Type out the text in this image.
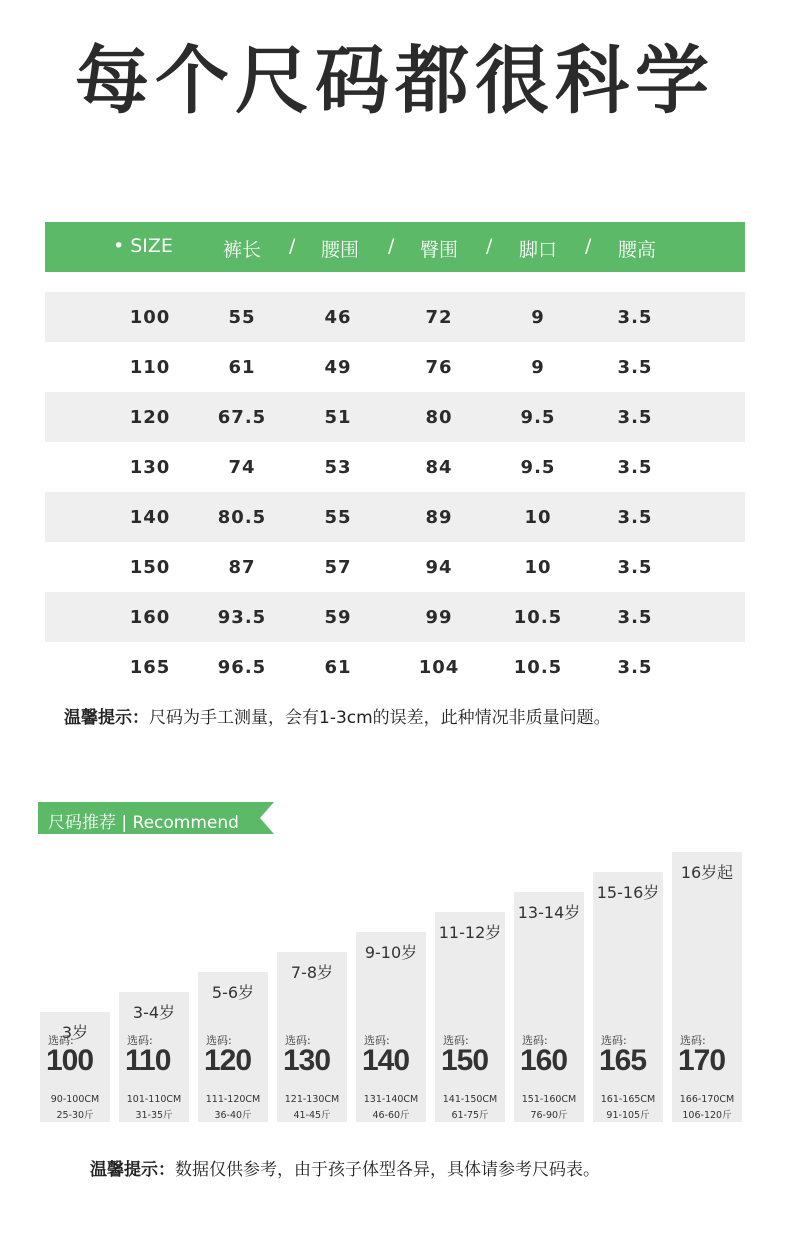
每个尺码都很科学
• SIZE	裤长 / 腰围 / 臀围 / 脚口 / 腰高
100	55	46	72	9	3.5
110	61	49	76	9	3.5
120	67.5	51	80	9.5	3.5
130	74	53	84	9.5	3.5
140	80.5	55	89	10	3.5
150	87	57	94	10	3.5
160	93.5	59	99	10.5	3.5
165	96.5	61	104	10.5	3.5
温馨提示：尺码为手工测量，会有1-3cm的误差，此种情况非质量问题。
尺码推荐 | Recommend
3岁
选码:
100
90-100CM
25-30斤
3-4岁
选码:
110
101-110CM
31-35斤
5-6岁
选码:
120
111-120CM
36-40斤
7-8岁
选码:
130
121-130CM
41-45斤
9-10岁
选码:
140
131-140CM
46-60斤
11-12岁
选码:
150
141-150CM
61-75斤
13-14岁
选码:
160
151-160CM
76-90斤
15-16岁
选码:
165
161-165CM
91-105斤
16岁起
选码:
170
166-170CM
106-120斤
温馨提示：数据仅供参考，由于孩子体型各异，具体请参考尺码表。
